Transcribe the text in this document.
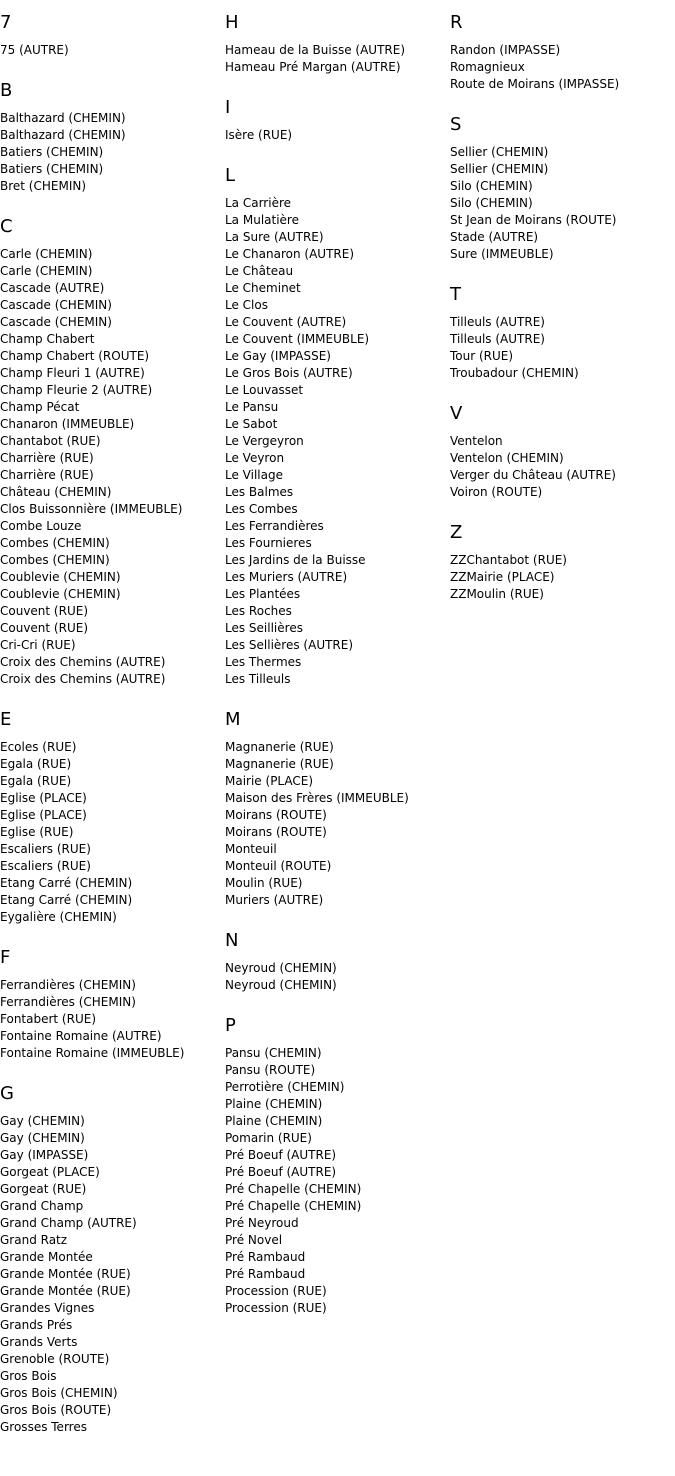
7
75 (AUTRE)
B
Balthazard (CHEMIN)
Balthazard (CHEMIN)
Batiers (CHEMIN)
Batiers (CHEMIN)
Bret (CHEMIN)
C
Carle (CHEMIN)
Carle (CHEMIN)
Cascade (AUTRE)
Cascade (CHEMIN)
Cascade (CHEMIN)
Champ Chabert
Champ Chabert (ROUTE)
Champ Fleuri 1 (AUTRE)
Champ Fleurie 2 (AUTRE)
Champ Pécat
Chanaron (IMMEUBLE)
Chantabot (RUE)
Charrière (RUE)
Charrière (RUE)
Château (CHEMIN)
Clos Buissonnière (IMMEUBLE)
Combe Louze
Combes (CHEMIN)
Combes (CHEMIN)
Coublevie (CHEMIN)
Coublevie (CHEMIN)
Couvent (RUE)
Couvent (RUE)
Cri-Cri (RUE)
Croix des Chemins (AUTRE)
Croix des Chemins (AUTRE)
E
Ecoles (RUE)
Egala (RUE)
Egala (RUE)
Eglise (PLACE)
Eglise (PLACE)
Eglise (RUE)
Escaliers (RUE)
Escaliers (RUE)
Etang Carré (CHEMIN)
Etang Carré (CHEMIN)
Eygalière (CHEMIN)
F
Ferrandières (CHEMIN)
Ferrandières (CHEMIN)
Fontabert (RUE)
Fontaine Romaine (AUTRE)
Fontaine Romaine (IMMEUBLE)
G
Gay (CHEMIN)
Gay (CHEMIN)
Gay (IMPASSE)
Gorgeat (PLACE)
Gorgeat (RUE)
Grand Champ
Grand Champ (AUTRE)
Grand Ratz
Grande Montée
Grande Montée (RUE)
Grande Montée (RUE)
Grandes Vignes
Grands Prés
Grands Verts
Grenoble (ROUTE)
Gros Bois
Gros Bois (CHEMIN)
Gros Bois (ROUTE)
Grosses Terres
H
Hameau de la Buisse (AUTRE)
Hameau Pré Margan (AUTRE)
I
Isère (RUE)
L
La Carrière
La Mulatière
La Sure (AUTRE)
Le Chanaron (AUTRE)
Le Château
Le Cheminet
Le Clos
Le Couvent (AUTRE)
Le Couvent (IMMEUBLE)
Le Gay (IMPASSE)
Le Gros Bois (AUTRE)
Le Louvasset
Le Pansu
Le Sabot
Le Vergeyron
Le Veyron
Le Village
Les Balmes
Les Combes
Les Ferrandières
Les Fournieres
Les Jardins de la Buisse
Les Muriers (AUTRE)
Les Plantées
Les Roches
Les Seillières
Les Sellières (AUTRE)
Les Thermes
Les Tilleuls
M
Magnanerie (RUE)
Magnanerie (RUE)
Mairie (PLACE)
Maison des Frères (IMMEUBLE)
Moirans (ROUTE)
Moirans (ROUTE)
Monteuil
Monteuil (ROUTE)
Moulin (RUE)
Muriers (AUTRE)
N
Neyroud (CHEMIN)
Neyroud (CHEMIN)
P
Pansu (CHEMIN)
Pansu (ROUTE)
Perrotière (CHEMIN)
Plaine (CHEMIN)
Plaine (CHEMIN)
Pomarin (RUE)
Pré Boeuf (AUTRE)
Pré Boeuf (AUTRE)
Pré Chapelle (CHEMIN)
Pré Chapelle (CHEMIN)
Pré Neyroud
Pré Novel
Pré Rambaud
Pré Rambaud
Procession (RUE)
Procession (RUE)
R
Randon (IMPASSE)
Romagnieux
Route de Moirans (IMPASSE)
S
Sellier (CHEMIN)
Sellier (CHEMIN)
Silo (CHEMIN)
Silo (CHEMIN)
St Jean de Moirans (ROUTE)
Stade (AUTRE)
Sure (IMMEUBLE)
T
Tilleuls (AUTRE)
Tilleuls (AUTRE)
Tour (RUE)
Troubadour (CHEMIN)
V
Ventelon
Ventelon (CHEMIN)
Verger du Château (AUTRE)
Voiron (ROUTE)
Z
ZZChantabot (RUE)
ZZMairie (PLACE)
ZZMoulin (RUE)
